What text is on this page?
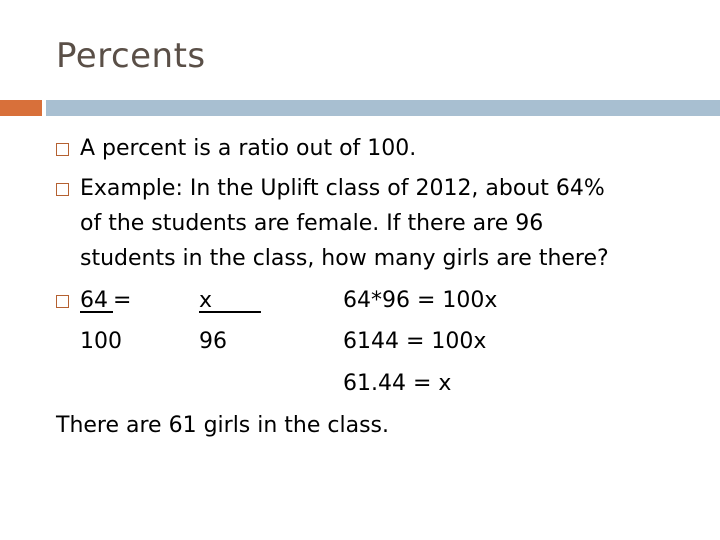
Percents
A percent is a ratio out of 100.
Example: In the Uplift class of 2012, about 64%
of the students are female. If there are 96
students in the class, how many girls are there?
64
=	x

100	96
64*96 = 100x
6144 = 100x
61.44 = x
There are 61 girls in the class.
